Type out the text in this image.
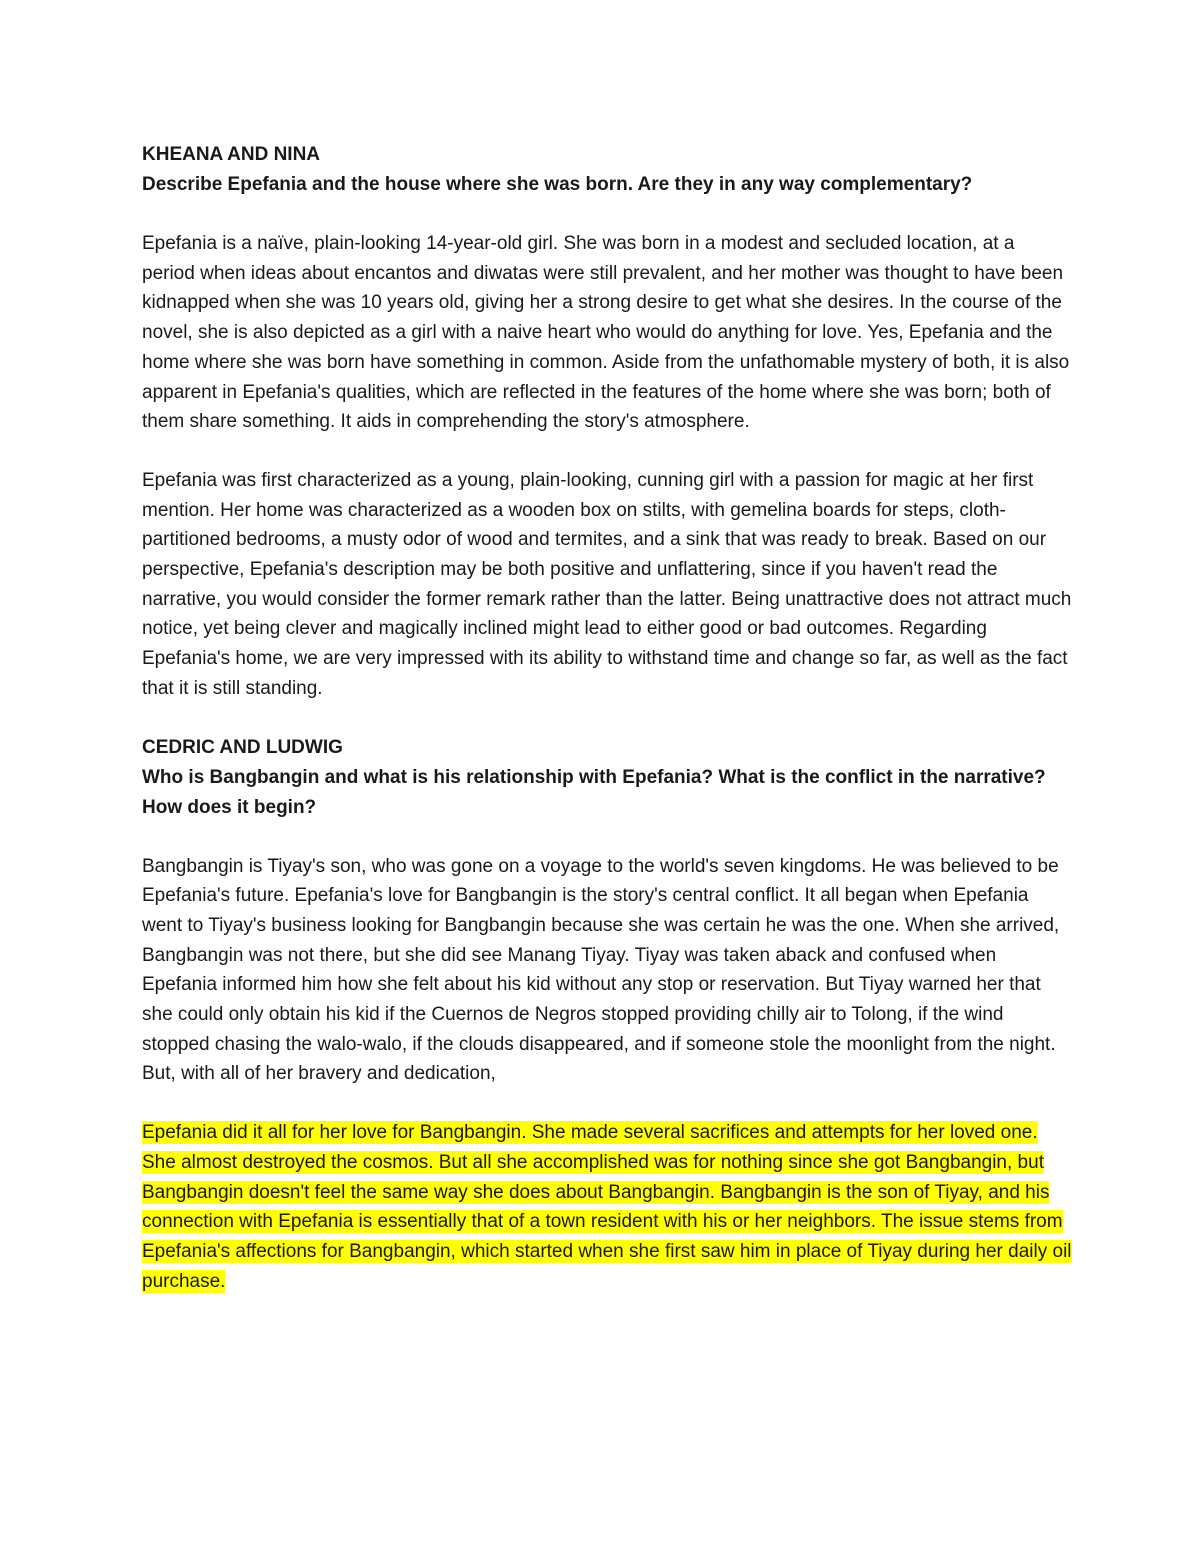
KHEANA AND NINA

Describe Epefania and the house where she was born. Are they in any way complementary?

Epefania is a naïve, plain-looking 14-year-old girl. She was born in a modest and secluded location, at a period when ideas about encantos and diwatas were still prevalent, and her mother was thought to have been kidnapped when she was 10 years old, giving her a strong desire to get what she desires. In the course of the novel, she is also depicted as a girl with a naive heart who would do anything for love. Yes, Epefania and the home where she was born have something in common. Aside from the unfathomable mystery of both, it is also apparent in Epefania's qualities, which are reflected in the features of the home where she was born; both of them share something. It aids in comprehending the story's atmosphere.

Epefania was first characterized as a young, plain-looking, cunning girl with a passion for magic at her first mention. Her home was characterized as a wooden box on stilts, with gemelina boards for steps, cloth-partitioned bedrooms, a musty odor of wood and termites, and a sink that was ready to break. Based on our perspective, Epefania's description may be both positive and unflattering, since if you haven't read the narrative, you would consider the former remark rather than the latter. Being unattractive does not attract much notice, yet being clever and magically inclined might lead to either good or bad outcomes. Regarding Epefania's home, we are very impressed with its ability to withstand time and change so far, as well as the fact that it is still standing.

CEDRIC AND LUDWIG

Who is Bangbangin and what is his relationship with Epefania? What is the conflict in the narrative? How does it begin?

Bangbangin is Tiyay's son, who was gone on a voyage to the world's seven kingdoms. He was believed to be Epefania's future. Epefania's love for Bangbangin is the story's central conflict. It all began when Epefania went to Tiyay's business looking for Bangbangin because she was certain he was the one. When she arrived, Bangbangin was not there, but she did see Manang Tiyay. Tiyay was taken aback and confused when Epefania informed him how she felt about his kid without any stop or reservation. But Tiyay warned her that she could only obtain his kid if the Cuernos de Negros stopped providing chilly air to Tolong, if the wind stopped chasing the walo-walo, if the clouds disappeared, and if someone stole the moonlight from the night. But, with all of her bravery and dedication,

Epefania did it all for her love for Bangbangin. She made several sacrifices and attempts for her loved one. She almost destroyed the cosmos. But all she accomplished was for nothing since she got Bangbangin, but Bangbangin doesn't feel the same way she does about Bangbangin. Bangbangin is the son of Tiyay, and his connection with Epefania is essentially that of a town resident with his or her neighbors. The issue stems from Epefania's affections for Bangbangin, which started when she first saw him in place of Tiyay during her daily oil purchase.
